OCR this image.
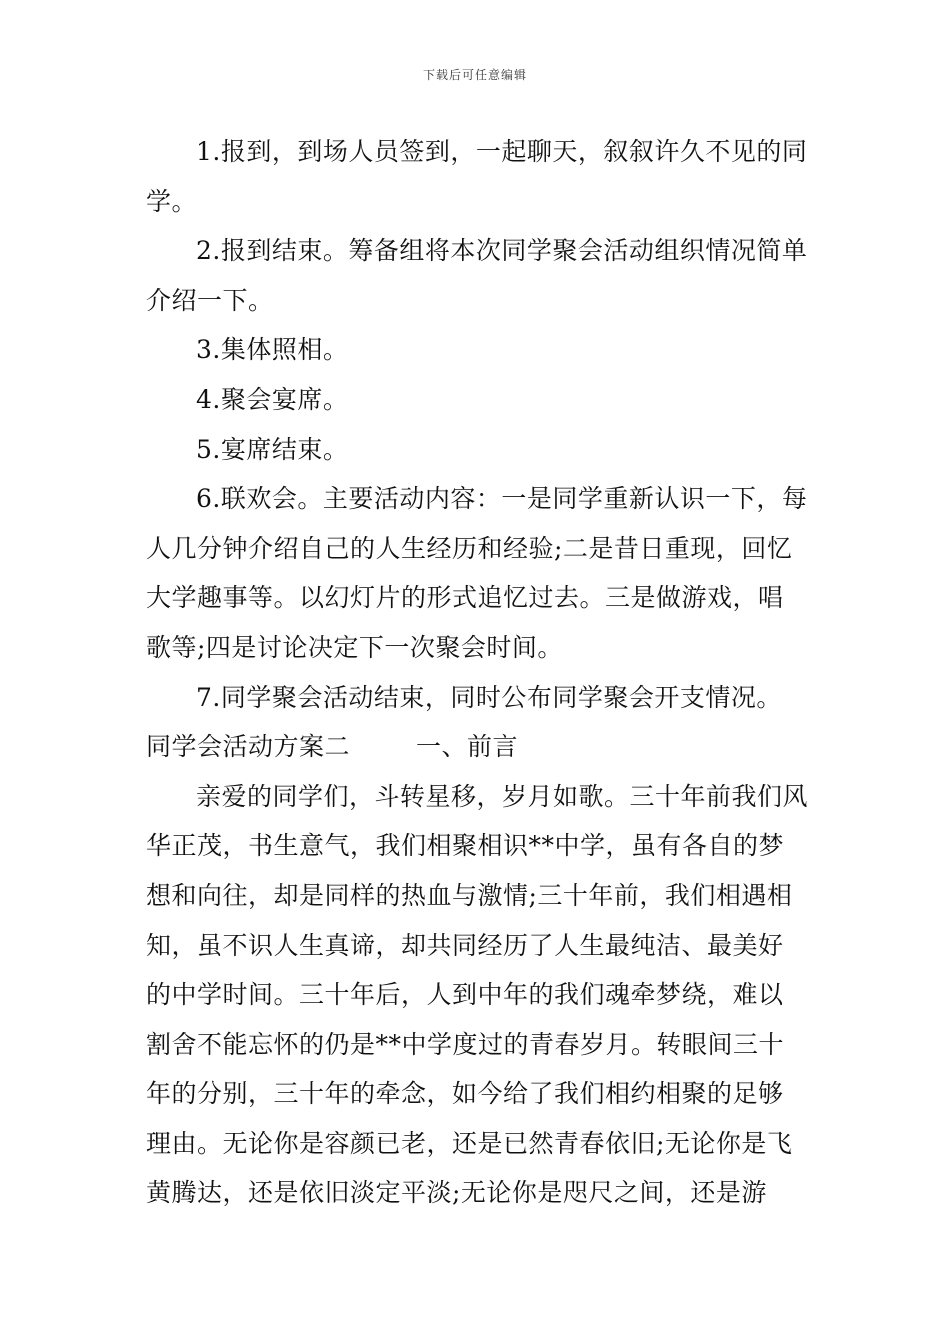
下载后可任意编辑

1.报到，到场人员签到，一起聊天，叙叙许久不见的同学。

2.报到结束。筹备组将本次同学聚会活动组织情况简单介绍一下。

3.集体照相。

4.聚会宴席。

5.宴席结束。

6.联欢会。主要活动内容：一是同学重新认识一下，每人几分钟介绍自己的人生经历和经验;二是昔日重现，回忆大学趣事等。以幻灯片的形式追忆过去。三是做游戏，唱歌等;四是讨论决定下一次聚会时间。

7.同学聚会活动结束，同时公布同学聚会开支情况。

同学会活动方案二	一、前言

亲爱的同学们，斗转星移，岁月如歌。三十年前我们风华正茂，书生意气，我们相聚相识**中学，虽有各自的梦想和向往，却是同样的热血与激情;三十年前，我们相遇相知，虽不识人生真谛，却共同经历了人生最纯洁、最美好的中学时间。三十年后，人到中年的我们魂牵梦绕，难以割舍不能忘怀的仍是**中学度过的青春岁月。转眼间三十年的分别，三十年的牵念，如今给了我们相约相聚的足够理由。无论你是容颜已老，还是已然青春依旧;无论你是飞黄腾达，还是依旧淡定平淡;无论你是咫尺之间，还是游
